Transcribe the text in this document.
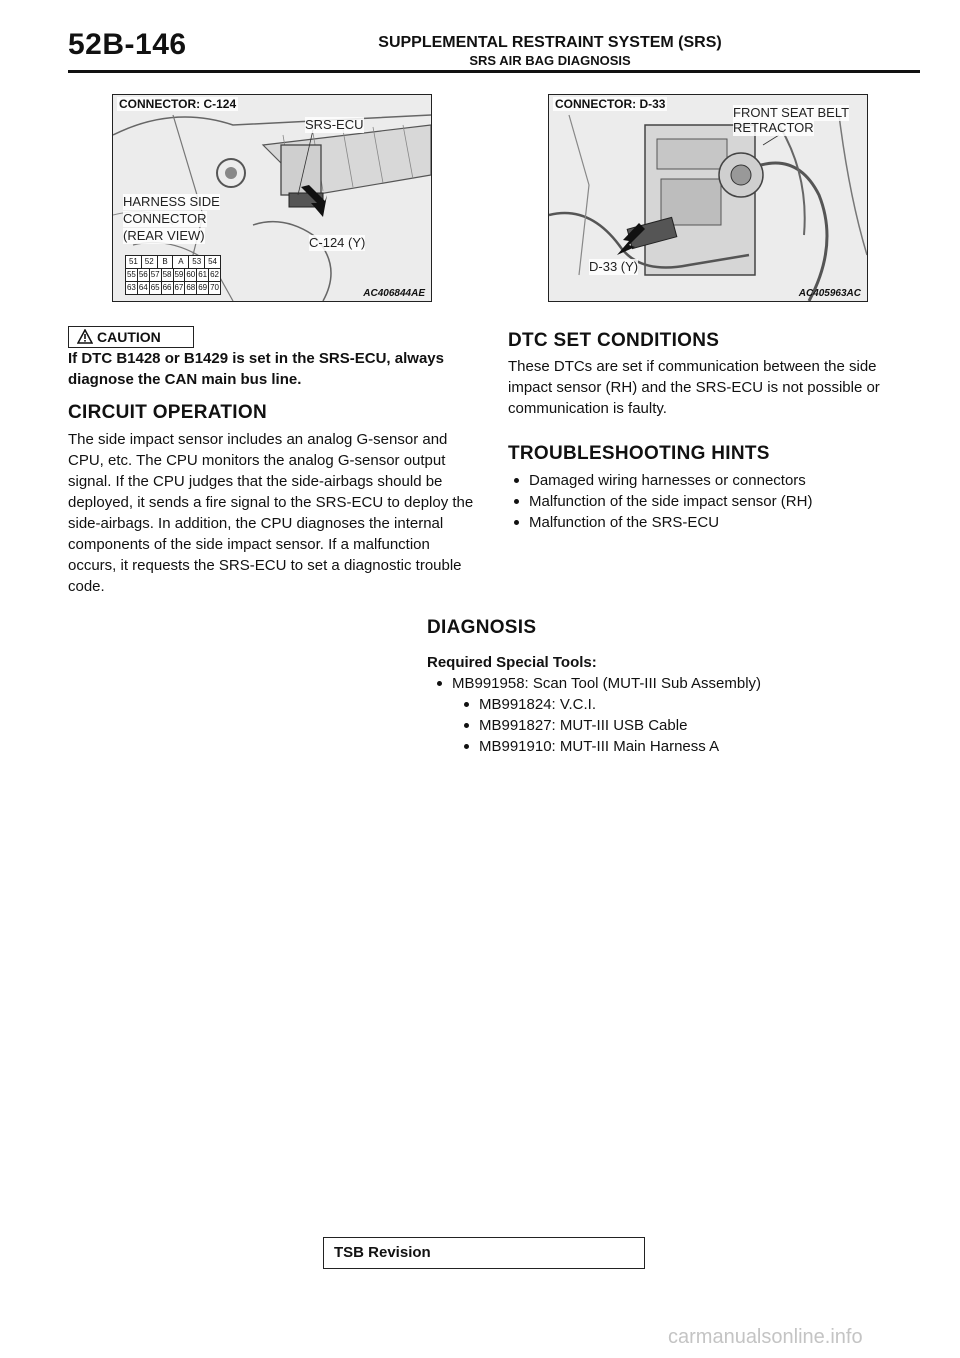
52B-146	SUPPLEMENTAL RESTRAINT SYSTEM (SRS)
SRS AIR BAG DIAGNOSIS
CONNECTOR: C-124
SRS-ECU
HARNESS SIDE
CONNECTOR
(REAR VIEW)	C-124 (Y)
51 52	B	A	53 54
55 56 57 58 59 60 61 62
63 64 65 66 67 68 69 70
AC406844AE
CONNECTOR: D-33
FRONT SEAT BELT
RETRACTOR
D-33 (Y)
AC405963AC
CAUTION
If DTC B1428 or B1429 is set in the SRS-ECU, always diagnose the CAN main bus line.
CIRCUIT OPERATION
The side impact sensor includes an analog G-sensor and CPU, etc. The CPU monitors the analog G-sensor output signal. If the CPU judges that the side-airbags should be deployed, it sends a fire signal to the SRS-ECU to deploy the side-airbags. In addition, the CPU diagnoses the internal components of the side impact sensor. If a malfunction occurs, it requests the SRS-ECU to set a diagnostic trouble code.
DTC SET CONDITIONS
These DTCs are set if communication between the side impact sensor (RH) and the SRS-ECU is not possible or communication is faulty.
TROUBLESHOOTING HINTS
Damaged wiring harnesses or connectors
Malfunction of the side impact sensor (RH)
Malfunction of the SRS-ECU
DIAGNOSIS
Required Special Tools:
MB991958: Scan Tool (MUT-III Sub Assembly)
MB991824: V.C.I.
MB991827: MUT-III USB Cable
MB991910: MUT-III Main Harness A
TSB Revision
carmanualsonline.info
